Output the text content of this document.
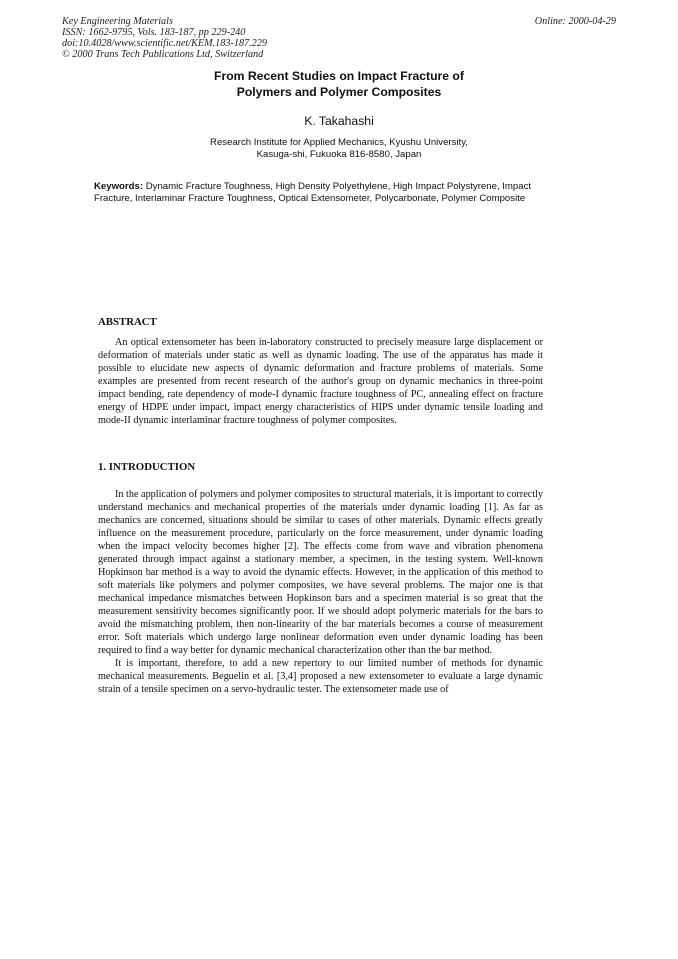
Key Engineering Materials
ISSN: 1662-9795, Vols. 183-187, pp 229-240
doi:10.4028/www.scientific.net/KEM.183-187.229
© 2000 Trans Tech Publications Ltd, Switzerland
Online: 2000-04-29
From Recent Studies on Impact Fracture of
Polymers and Polymer Composites
K. Takahashi
Research Institute for Applied Mechanics, Kyushu University,
Kasuga-shi, Fukuoka 816-8580, Japan
Keywords: Dynamic Fracture Toughness, High Density Polyethylene, High Impact Polystyrene, Impact Fracture, Interlaminar Fracture Toughness, Optical Extensometer, Polycarbonate, Polymer Composite
ABSTRACT

An optical extensometer has been in-laboratory constructed to precisely measure large displacement or deformation of materials under static as well as dynamic loading. The use of the apparatus has made it possible to elucidate new aspects of dynamic deformation and fracture problems of materials. Some examples are presented from recent research of the author's group on dynamic mechanics in three-point impact bending, rate dependency of mode-I dynamic fracture toughness of PC, annealing effect on fracture energy of HDPE under impact, impact energy characteristics of HIPS under dynamic tensile loading and mode-II dynamic interlaminar fracture toughness of polymer composites.

1. INTRODUCTION

In the application of polymers and polymer composites to structural materials, it is important to correctly understand mechanics and mechanical properties of the materials under dynamic loading [1]. As far as mechanics are concerned, situations should be similar to cases of other materials. Dynamic effects greatly influence on the measurement procedure, particularly on the force measurement, under dynamic loading when the impact velocity becomes higher [2]. The effects come from wave and vibration phenomena generated through impact against a stationary member, a specimen, in the testing system. Well-known Hopkinson bar method is a way to avoid the dynamic effects. However, in the application of this method to soft materials like polymers and polymer composites, we have several problems. The major one is that mechanical impedance mismatches between Hopkinson bars and a specimen material is so great that the measurement sensitivity becomes significantly poor. If we should adopt polymeric materials for the bars to avoid the mismatching problem, then non-linearity of the bar materials becomes a course of measurement error. Soft materials which undergo large nonlinear deformation even under dynamic loading has been required to find a way better for dynamic mechanical characterization other than the bar method.

It is important, therefore, to add a new repertory to our limited number of methods for dynamic mechanical measurements. Beguelin et al. [3,4] proposed a new extensometer to evaluate a large dynamic strain of a tensile specimen on a servo-hydraulic tester. The extensometer made use of
